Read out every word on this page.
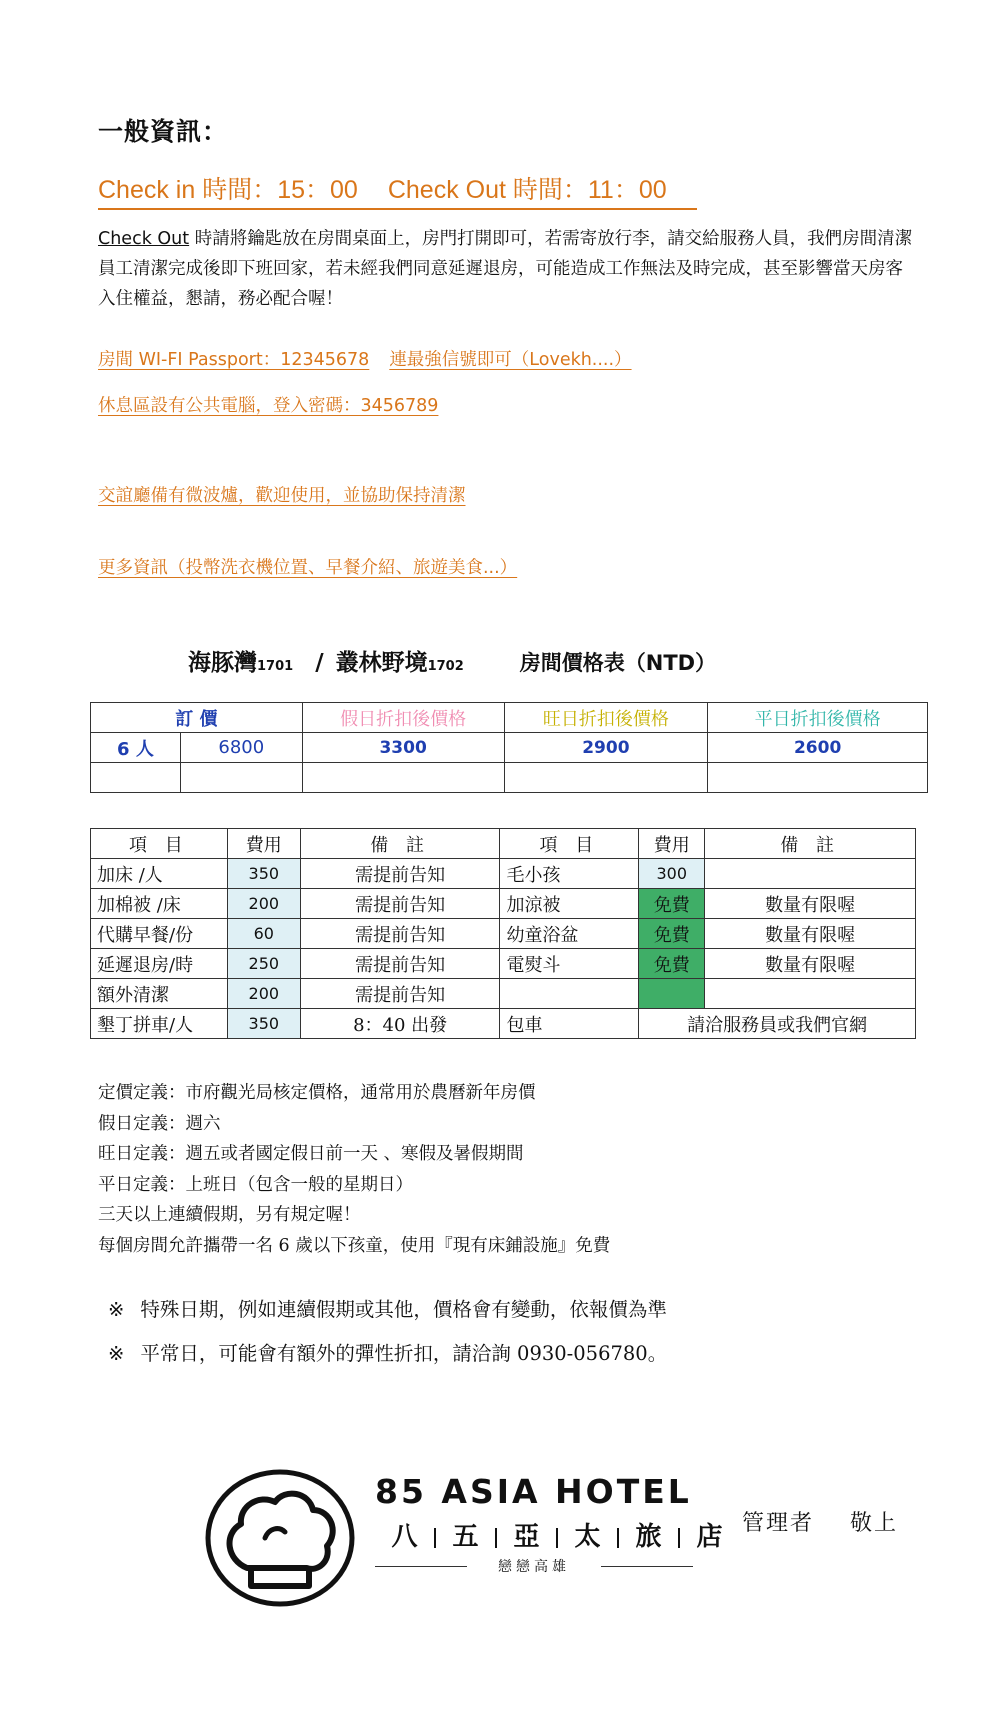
一般資訊：
Check in 時間：15：00 Check Out 時間：11：00
Check Out 時請將鑰匙放在房間桌面上，房門打開即可，若需寄放行李，請交給服務人員，我們房間清潔員工清潔完成後即下班回家，若未經我們同意延遲退房，可能造成工作無法及時完成，甚至影響當天房客入住權益，懇請，務必配合喔！
房間 WI-FI Passport：12345678 連最強信號即可（Lovekh....）
休息區設有公共電腦，登入密碼：3456789
交誼廳備有微波爐，歡迎使用，並協助保持清潔
更多資訊（投幣洗衣機位置、早餐介紹、旅遊美食...）
海豚灣1701 / 叢林野境1702	房間價格表（NTD）
訂 價		假日折扣後價格	旺日折扣後價格	平日折扣後價格
6 人	6800	3300	2900	2600

項 目	費用	備 註	項 目	費用	備 註
加床 /人	350	需提前告知	毛小孩	300	
加棉被 /床	200	需提前告知	加涼被	免費	數量有限喔
代購早餐/份	60	需提前告知	幼童浴盆	免費	數量有限喔
延遲退房/時	250	需提前告知	電熨斗	免費	數量有限喔
額外清潔	200	需提前告知			
墾丁拼車/人	350	8：40 出發	包車	請洽服務員或我們官網	
定價定義：市府觀光局核定價格，通常用於農曆新年房價
假日定義：週六
旺日定義：週五或者國定假日前一天 、寒假及暑假期間
平日定義：上班日（包含一般的星期日）
三天以上連續假期，另有規定喔！
每個房間允許攜帶一名 6 歲以下孩童，使用『現有床鋪設施』免費
※ 特殊日期，例如連續假期或其他，價格會有變動，依報價為準
※ 平常日，可能會有額外的彈性折扣，請洽詢 0930-056780。
85 ASIA HOTEL
八 五 亞 太 旅 店
戀戀高雄
管理者 敬上
